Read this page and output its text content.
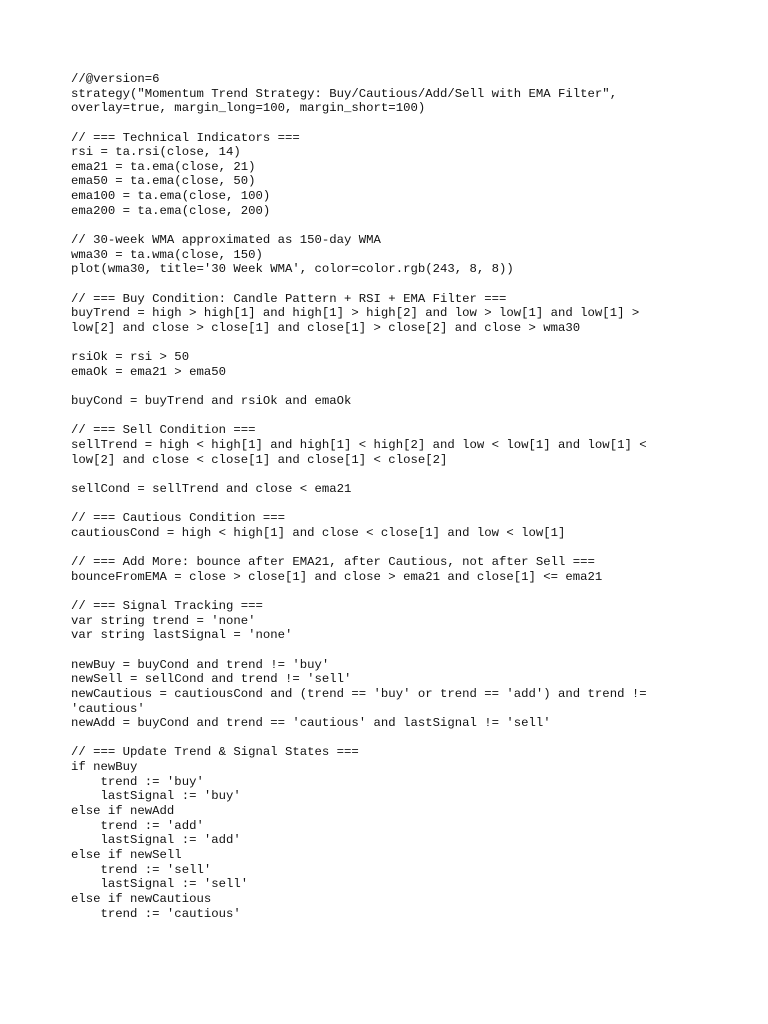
//@version=6
strategy("Momentum Trend Strategy: Buy/Cautious/Add/Sell with EMA Filter",
overlay=true, margin_long=100, margin_short=100)
// === Technical Indicators ===
rsi = ta.rsi(close, 14)
ema21 = ta.ema(close, 21)
ema50 = ta.ema(close, 50)
ema100 = ta.ema(close, 100)
ema200 = ta.ema(close, 200)
// 30-week WMA approximated as 150-day WMA
wma30 = ta.wma(close, 150)
plot(wma30, title='30 Week WMA', color=color.rgb(243, 8, 8))
// === Buy Condition: Candle Pattern + RSI + EMA Filter ===
buyTrend = high > high[1] and high[1] > high[2] and low > low[1] and low[1] >
low[2] and close > close[1] and close[1] > close[2] and close > wma30
rsiOk = rsi > 50
emaOk = ema21 > ema50
buyCond = buyTrend and rsiOk and emaOk
// === Sell Condition ===
sellTrend = high < high[1] and high[1] < high[2] and low < low[1] and low[1] <
low[2] and close < close[1] and close[1] < close[2]
sellCond = sellTrend and close < ema21
// === Cautious Condition ===
cautiousCond = high < high[1] and close < close[1] and low < low[1]
// === Add More: bounce after EMA21, after Cautious, not after Sell ===
bounceFromEMA = close > close[1] and close > ema21 and close[1] <= ema21
// === Signal Tracking ===
var string trend = 'none'
var string lastSignal = 'none'
newBuy = buyCond and trend != 'buy'
newSell = sellCond and trend != 'sell'
newCautious = cautiousCond and (trend == 'buy' or trend == 'add') and trend !=
'cautious'
newAdd = buyCond and trend == 'cautious' and lastSignal != 'sell'
// === Update Trend & Signal States ===
if newBuy
trend := 'buy'
lastSignal := 'buy'
else if newAdd
trend := 'add'
lastSignal := 'add'
else if newSell
trend := 'sell'
lastSignal := 'sell'
else if newCautious
trend := 'cautious'
